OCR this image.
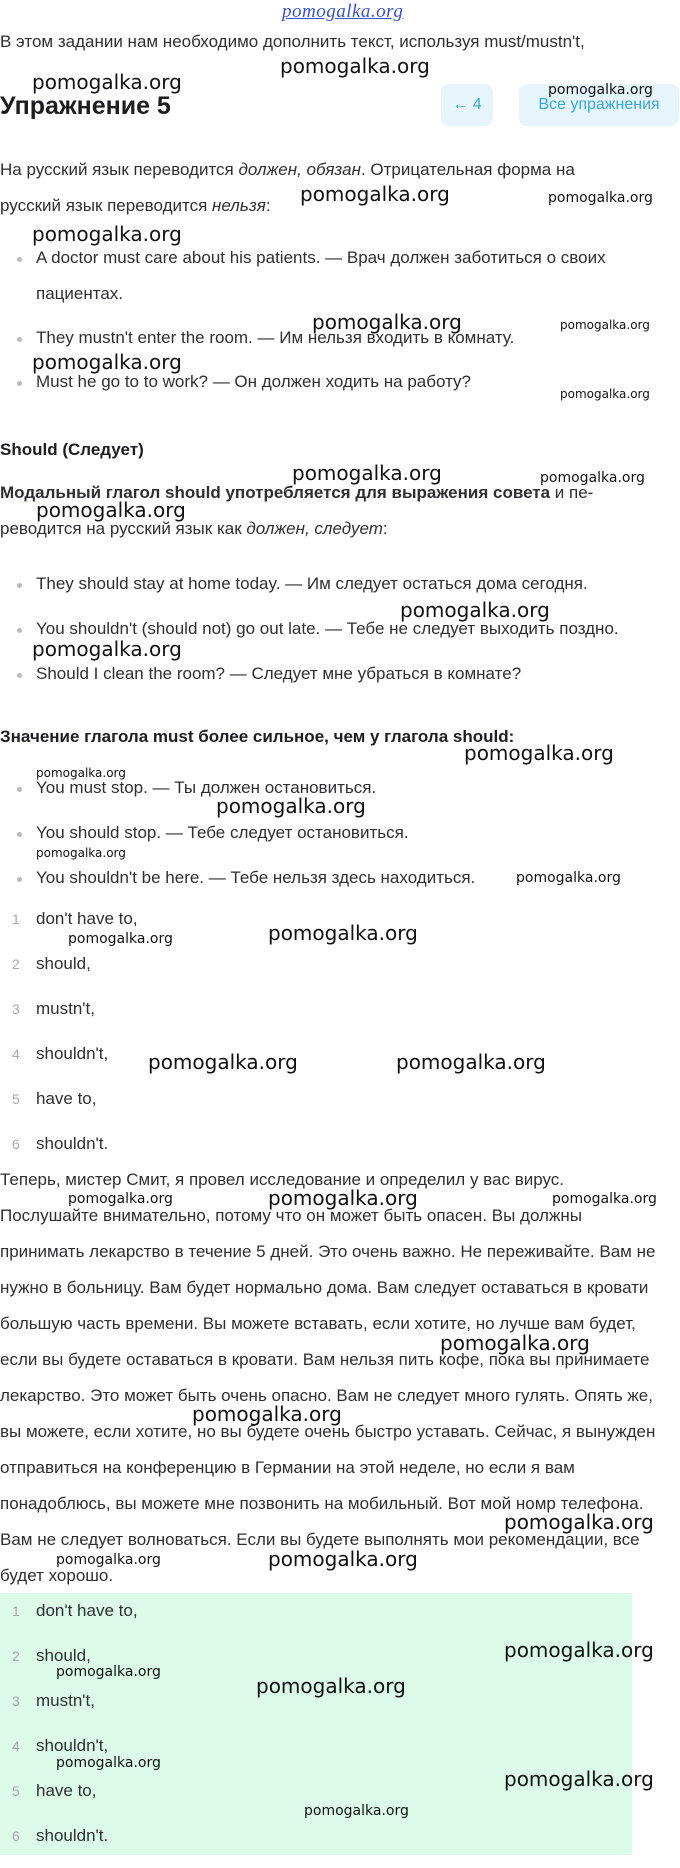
pomogalka.org
В этом задании нам необходимо дополнить текст, используя must/mustn't,
Упражнение 5	← 4	Все упражнения
На русский язык переводится должен, обязан. Отрицательная форма на
русский язык переводится нельзя:
A doctor must care about his patients. — Врач должен заботиться о своих пациентах.
They mustn't enter the room. — Им нельзя входить в комнату.
Must he go to to work? — Он должен ходить на работу?
Should (Следует)
Модальный глагол should употребляется для выражения совета и пе-
реводится на русский язык как должен, следует:
They should stay at home today. — Им следует остаться дома сегодня.
You shouldn't (should not) go out late. — Тебе не следует выходить поздно.
Should I clean the room? — Следует мне убраться в комнате?
Значение глагола must более сильное, чем у глагола should:
You must stop. — Ты должен остановиться.
You should stop. — Тебе следует остановиться.
You shouldn't be here. — Тебе нельзя здесь находиться.
1 don't have to,
2 should,
3 mustn't,
4 shouldn't,
5 have to,
6 shouldn't.
Теперь, мистер Смит, я провел исследование и определил у вас вирус. Послушайте внимательно, потому что он может быть опасен. Вы должны принимать лекарство в течение 5 дней. Это очень важно. Не переживайте. Вам не нужно в больницу. Вам будет нормально дома. Вам следует оставаться в кровати большую часть времени. Вы можете вставать, если хотите, но лучше вам будет, если вы будете оставаться в кровати. Вам нельзя пить кофе, пока вы принимаете лекарство. Это может быть очень опасно. Вам не следует много гулять. Опять же, вы можете, если хотите, но вы будете очень быстро уставать. Сейчас, я вынужден отправиться на конференцию в Германии на этой неделе, но если я вам понадоблюсь, вы можете мне позвонить на мобильный. Вот мой номр телефона. Вам не следует волноваться. Если вы будете выполнять мои рекомендации, все будет хорошо.
1 don't have to,
2 should,
3 mustn't,
4 shouldn't,
5 have to,
6 shouldn't.
pomogalka.org
pomogalka.org
pomogalka.org
pomogalka.org	pomogalka.org
pomogalka.org
pomogalka.org	pomogalka.org
pomogalka.org
pomogalka.org
pomogalka.org	pomogalka.org
pomogalka.org
pomogalka.org
pomogalka.org
pomogalka.org
pomogalka.org
pomogalka.org
pomogalka.org
pomogalka.org
pomogalka.org
pomogalka.org
pomogalka.org	pomogalka.org
pomogalka.org	pomogalka.org	pomogalka.org
pomogalka.org
pomogalka.org
pomogalka.org
pomogalka.org	pomogalka.org
pomogalka.org
pomogalka.org
pomogalka.org
pomogalka.org
pomogalka.org
pomogalka.org
